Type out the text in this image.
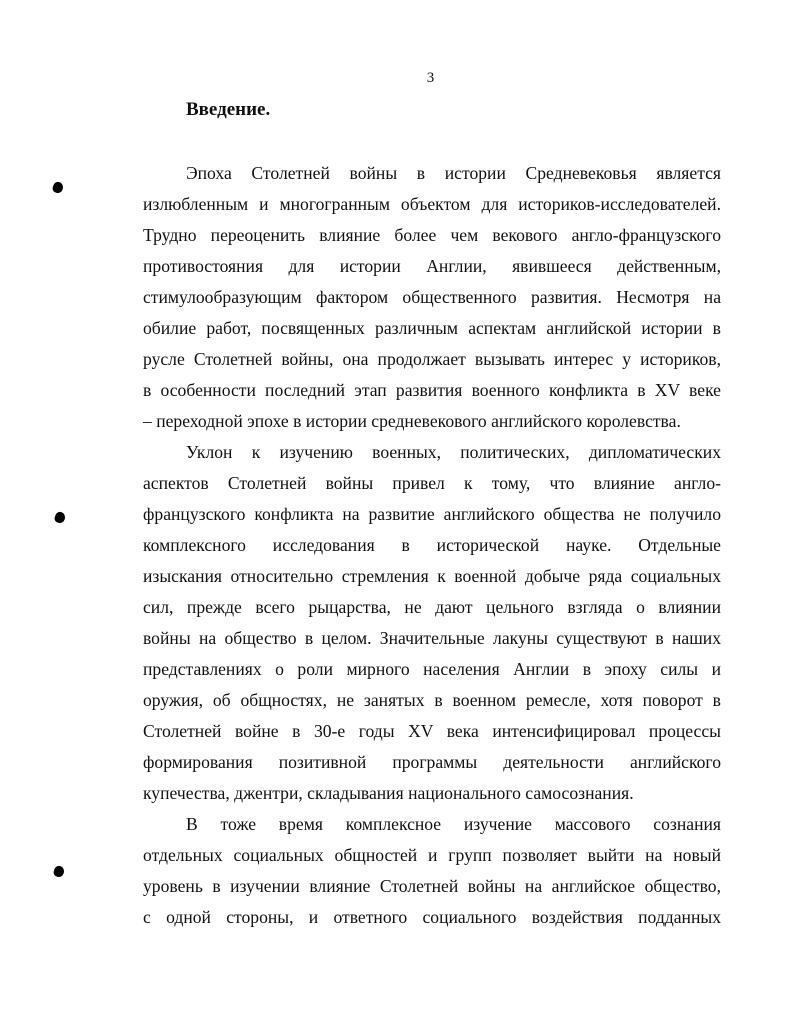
3
Введение.
Эпоха Столетней войны в истории Средневековья является
излюбленным и многогранным объектом для историков-исследователей.
Трудно переоценить влияние более чем векового англо-французского
противостояния для истории Англии, явившееся действенным,
стимулообразующим фактором общественного развития. Несмотря на
обилие работ, посвященных различным аспектам английской истории в
русле Столетней войны, она продолжает вызывать интерес у историков,
в особенности последний этап развития военного конфликта в XV веке
– переходной эпохе в истории средневекового английского королевства.
Уклон к изучению военных, политических, дипломатических
аспектов Столетней войны привел к тому, что влияние англо-
французского конфликта на развитие английского общества не получило
комплексного исследования в исторической науке. Отдельные
изыскания относительно стремления к военной добыче ряда социальных
сил, прежде всего рыцарства, не дают цельного взгляда о влиянии
войны на общество в целом. Значительные лакуны существуют в наших
представлениях о роли мирного населения Англии в эпоху силы и
оружия, об общностях, не занятых в военном ремесле, хотя поворот в
Столетней войне в 30-е годы XV века интенсифицировал процессы
формирования позитивной программы деятельности английского
купечества, джентри, складывания национального самосознания.
В тоже время комплексное изучение массового сознания
отдельных социальных общностей и групп позволяет выйти на новый
уровень в изучении влияние Столетней войны на английское общество,
с одной стороны, и ответного социального воздействия подданных
